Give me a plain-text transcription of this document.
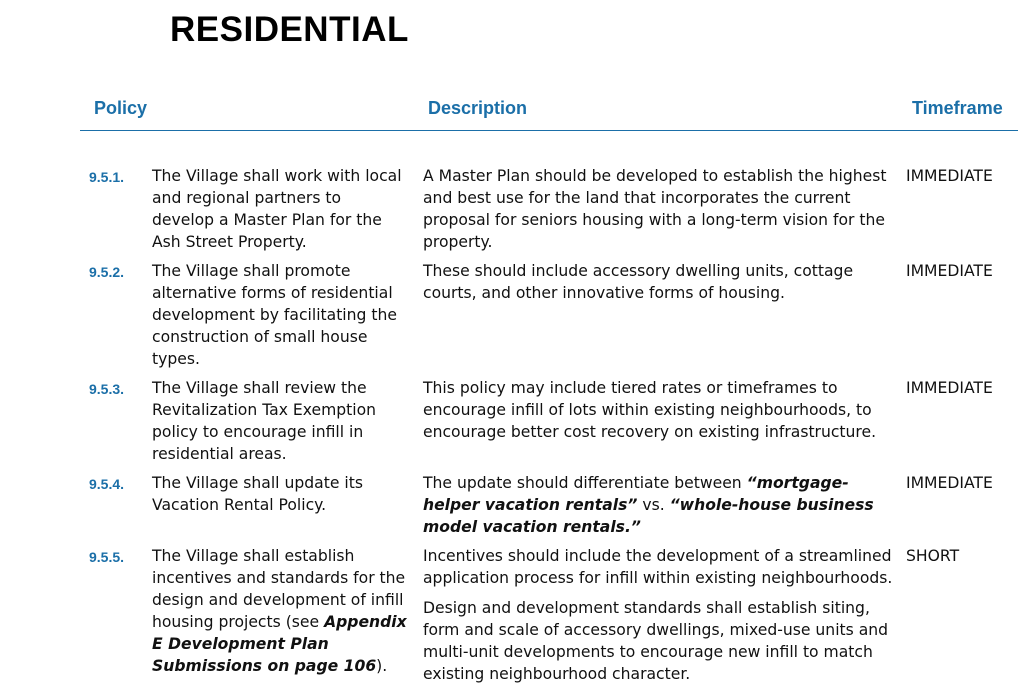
RESIDENTIAL
Policy	Description	Timeframe
9.5.1. The Village shall work with local and regional partners to develop a Master Plan for the Ash Street Property.
A Master Plan should be developed to establish the highest and best use for the land that incorporates the current proposal for seniors housing with a long-term vision for the property.
IMMEDIATE
9.5.2. The Village shall promote alternative forms of residential development by facilitating the construction of small house types.
These should include accessory dwelling units, cottage courts, and other innovative forms of housing.
IMMEDIATE
9.5.3. The Village shall review the Revitalization Tax Exemption policy to encourage infill in residential areas.
This policy may include tiered rates or timeframes to encourage infill of lots within existing neighbourhoods, to encourage better cost recovery on existing infrastructure.
IMMEDIATE
9.5.4. The Village shall update its Vacation Rental Policy.
The update should differentiate between “mortgage-helper vacation rentals” vs. “whole-house business model vacation rentals.”
IMMEDIATE
9.5.5. The Village shall establish incentives and standards for the design and development of infill housing projects (see Appendix E Development Plan Submissions on page 106).
Incentives should include the development of a streamlined application process for infill within existing neighbourhoods.
Design and development standards shall establish siting, form and scale of accessory dwellings, mixed-use units and multi-unit developments to encourage new infill to match existing neighbourhood character.
SHORT
